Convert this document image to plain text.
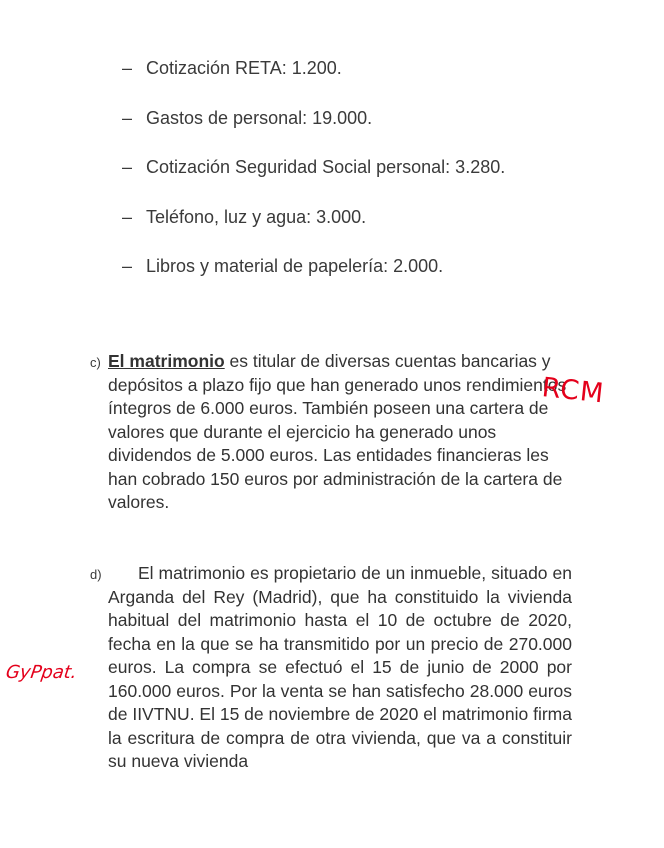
– Cotización RETA: 1.200.
– Gastos de personal: 19.000.
– Cotización Seguridad Social personal: 3.280.
– Teléfono, luz y agua: 3.000.
– Libros y material de papelería: 2.000.
c) El matrimonio es titular de diversas cuentas bancarias y depósitos a plazo fijo que han generado unos rendimientos íntegros de 6.000 euros. También poseen una cartera de valores que durante el ejercicio ha generado unos dividendos de 5.000 euros. Las entidades financieras les han cobrado 150 euros por administración de la cartera de valores.

RCM
d)	El matrimonio es propietario de un inmueble, situado en Arganda del Rey (Madrid), que ha constituido la vivienda habitual del matrimonio hasta el 10 de octubre de 2020, fecha en la que se ha transmitido por un precio de 270.000 euros. La compra se efectuó el 15 de junio de 2000 por 160.000 euros. Por la venta se han satisfecho 28.000 euros de IIVTNU. El 15 de noviembre de 2020 el matrimonio firma la escritura de compra de otra vivienda, que va a constituir su nueva vivienda

GyPpat.
